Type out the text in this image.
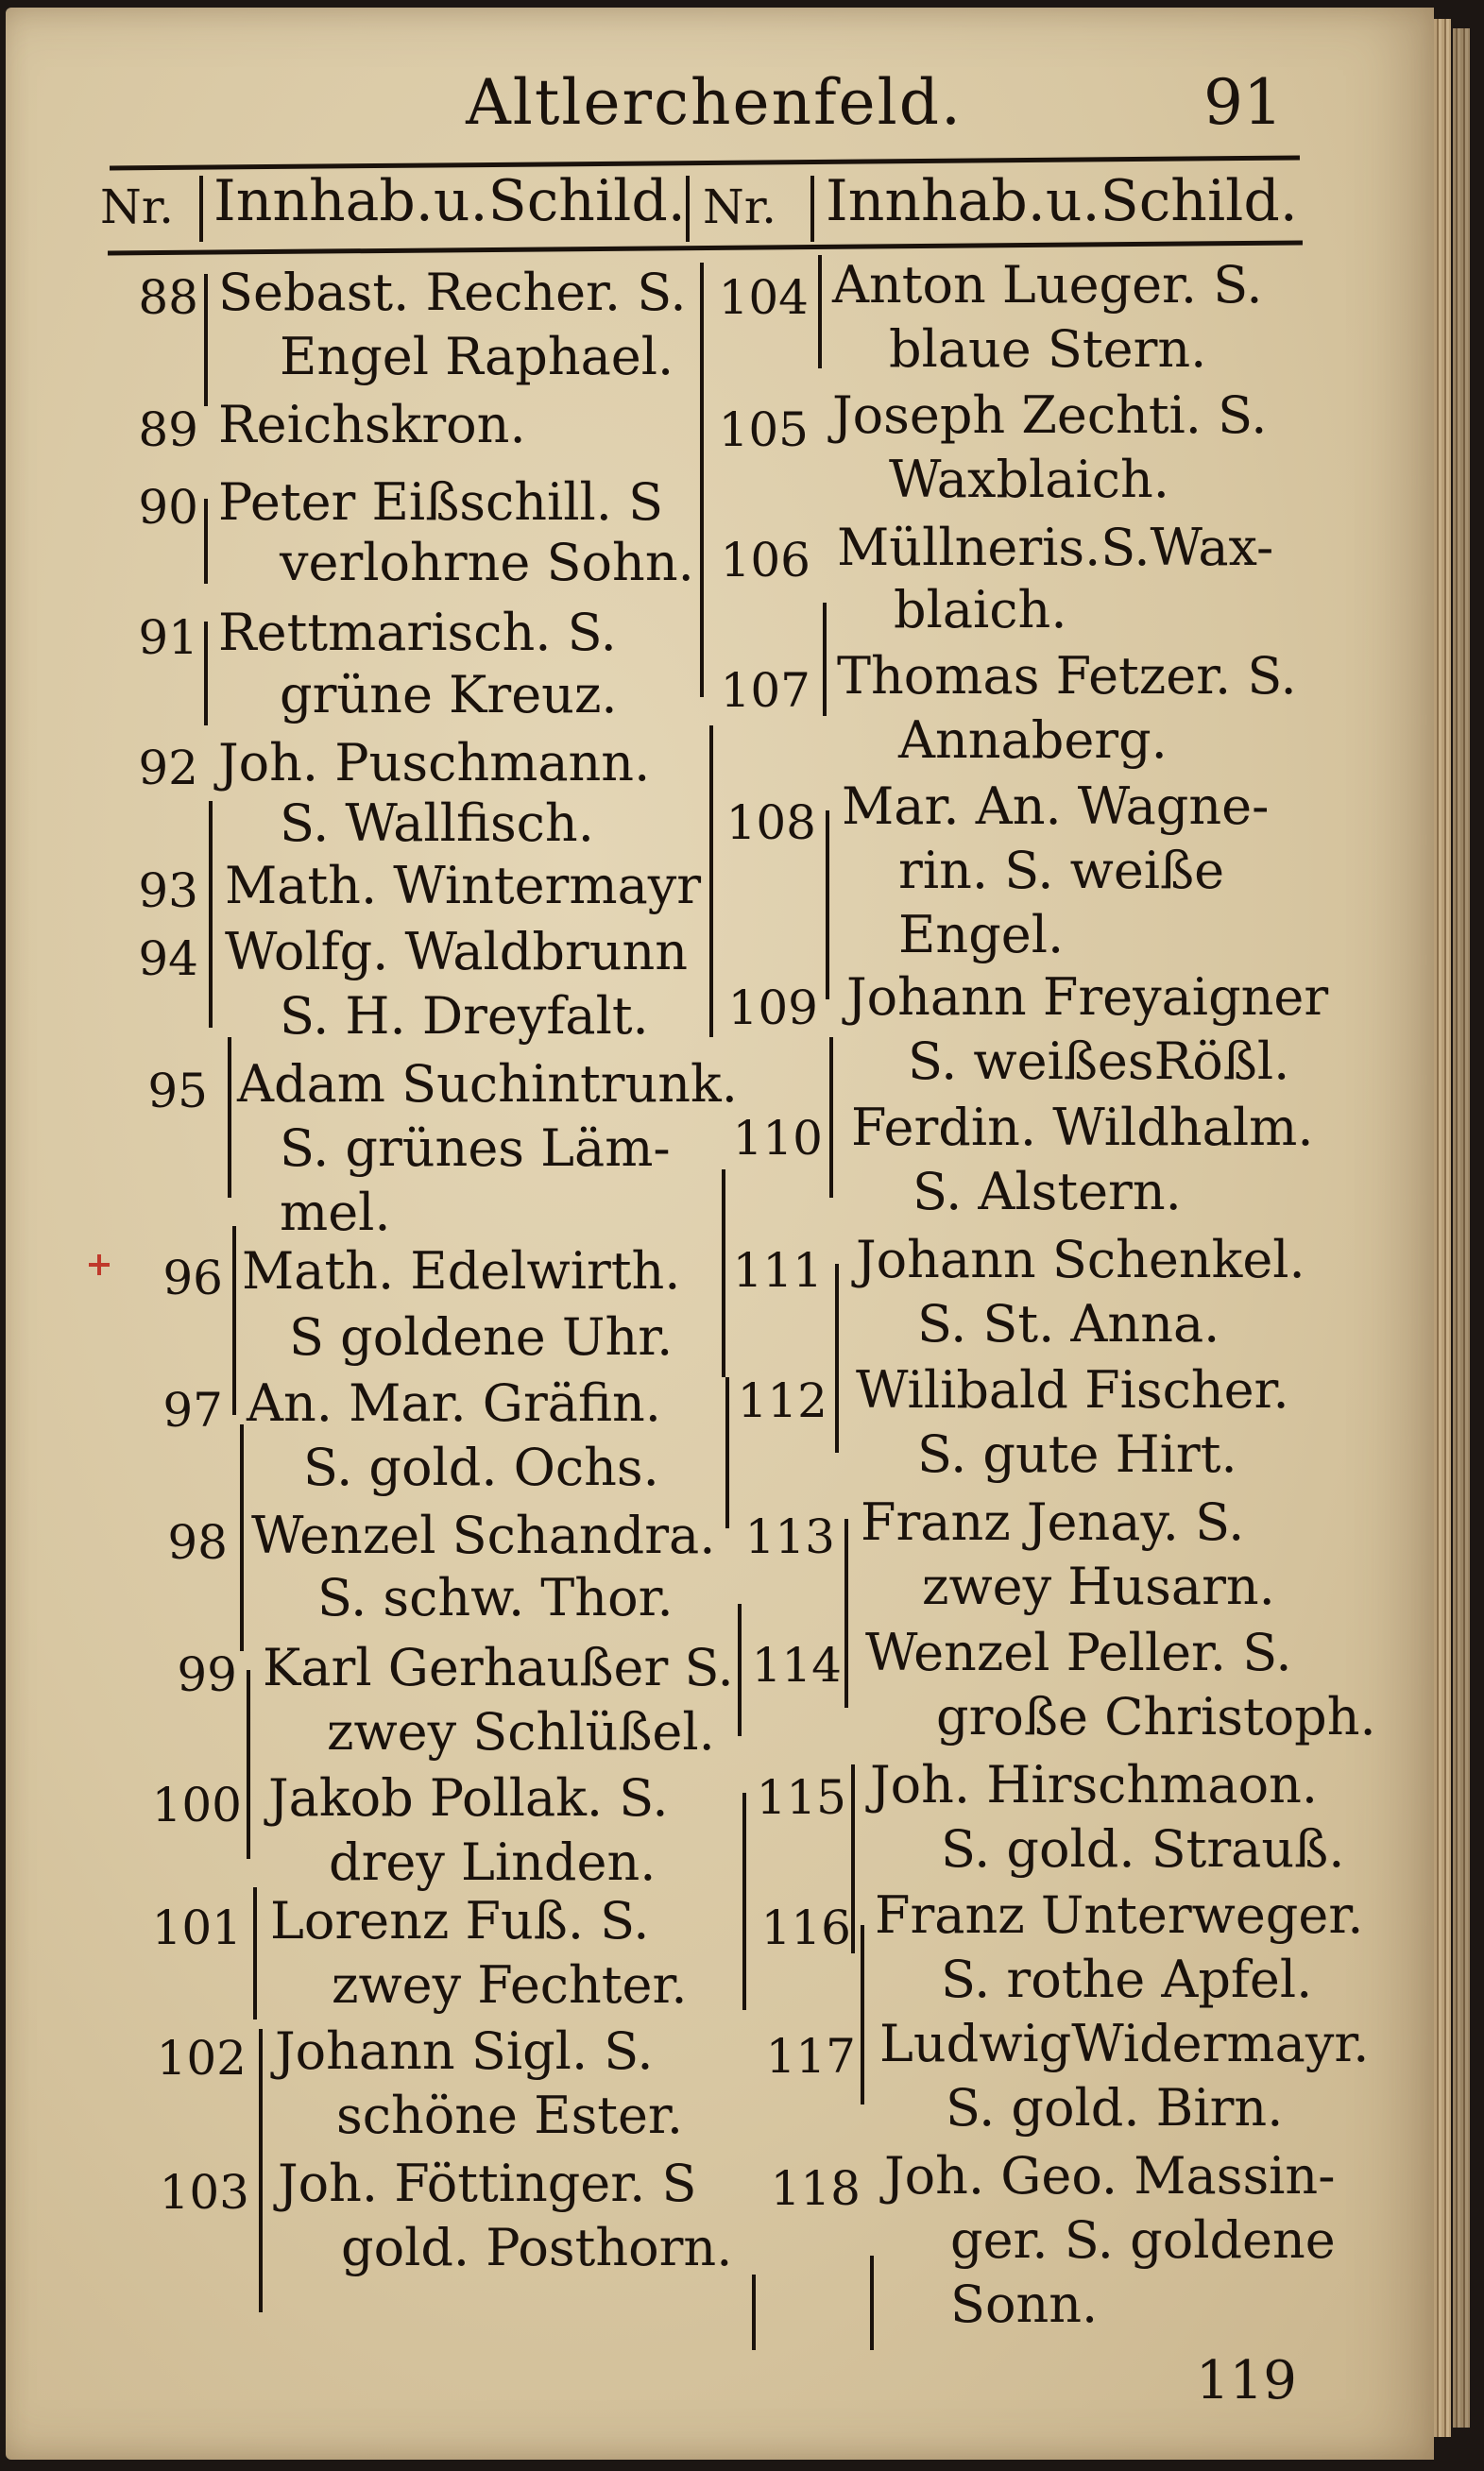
Altlerchenfeld.	91
Nr. Innhab.u.Schild. Nr. Innhab.u.Schild.
88 Sebast. Recher. S.
Engel Raphael.
89 Reichskron.
90 Peter Eißschill. S
verlohrne Sohn.
91 Rettmarisch. S.
grüne Kreuz.
92 Joh. Puschmann.
S. Wallfisch.
93 Math. Wintermayr
94 Wolfg. Waldbrunn
S. H. Dreyfalt.
95 Adam Suchintrunk.
S. grünes Läm-
mel.
96 Math. Edelwirth.
S goldene Uhr.
97 An. Mar. Gräfin.
S. gold. Ochs.
98 Wenzel Schandra.
S. schw. Thor.
99 Karl Gerhaußer S.
zwey Schlüßel.
100 Jakob Pollak. S.
drey Linden.
101 Lorenz Fuß. S.
zwey Fechter.
102 Johann Sigl. S.
schöne Ester.
103 Joh. Föttinger. S
gold. Posthorn.
104 Anton Lueger. S.
blaue Stern.
105 Joseph Zechti. S.
Waxblaich.
106 Müllneris.S.Wax-
blaich.
107 Thomas Fetzer. S.
Annaberg.
108 Mar. An. Wagne-
rin. S. weiße
Engel.
109 Johann Freyaigner
S. weißesRößl.
110 Ferdin. Wildhalm.
S. Alstern.
111 Johann Schenkel.
S. St. Anna.
112 Wilibald Fischer.
S. gute Hirt.
113 Franz Jenay. S.
zwey Husarn.
114 Wenzel Peller. S.
große Christoph.
115 Joh. Hirschmaon.
S. gold. Strauß.
116 Franz Unterweger.
S. rothe Apfel.
117 LudwigWidermayr.
S. gold. Birn.
118 Joh. Geo. Massin-
ger. S. goldene
Sonn.
119
